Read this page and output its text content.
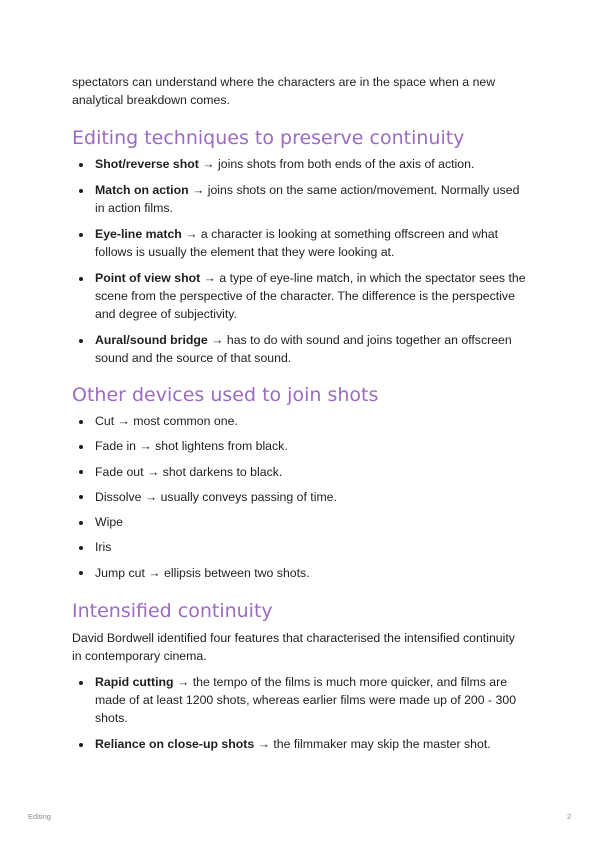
spectators can understand where the characters are in the space when a new analytical breakdown comes.

Editing techniques to preserve continuity
Shot/reverse shot → joins shots from both ends of the axis of action.
Match on action → joins shots on the same action/movement. Normally used in action films.
Eye-line match → a character is looking at something offscreen and what follows is usually the element that they were looking at.
Point of view shot → a type of eye-line match, in which the spectator sees the scene from the perspective of the character. The difference is the perspective and degree of subjectivity.
Aural/sound bridge → has to do with sound and joins together an offscreen sound and the source of that sound.
Other devices used to join shots
Cut → most common one.
Fade in → shot lightens from black.
Fade out → shot darkens to black.
Dissolve → usually conveys passing of time.
Wipe
Iris
Jump cut → ellipsis between two shots.
Intensified continuity

David Bordwell identified four features that characterised the intensified continuity in contemporary cinema.

Rapid cutting → the tempo of the films is much more quicker, and films are made of at least 1200 shots, whereas earlier films were made up of 200 - 300 shots.
Reliance on close-up shots → the filmmaker may skip the master shot.
Editing	2
